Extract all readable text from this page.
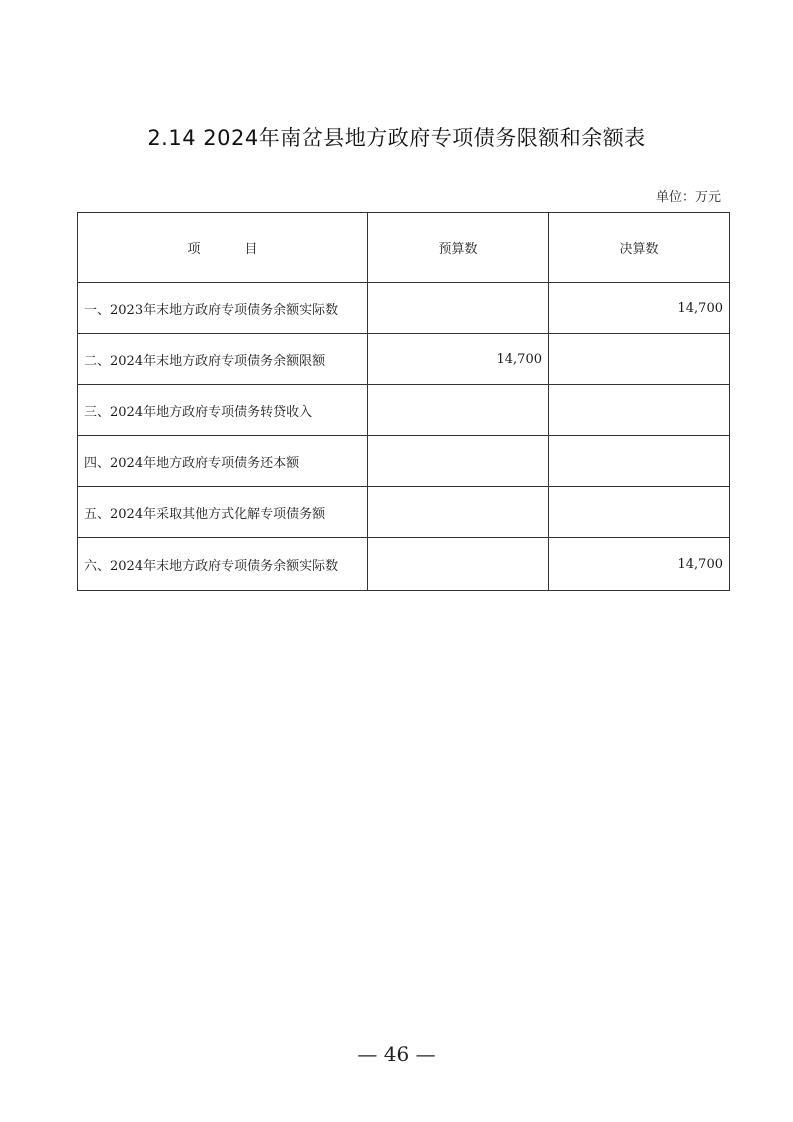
2.14 2024年南岔县地方政府专项债务限额和余额表
单位：万元
项 目	预算数	决算数
一、2023年末地方政府专项债务余额实际数		14,700
二、2024年末地方政府专项债务余额限额	14,700	
三、2024年地方政府专项债务转贷收入		
四、2024年地方政府专项债务还本额		
五、2024年采取其他方式化解专项债务额		
六、2024年末地方政府专项债务余额实际数		14,700
— 46 —
